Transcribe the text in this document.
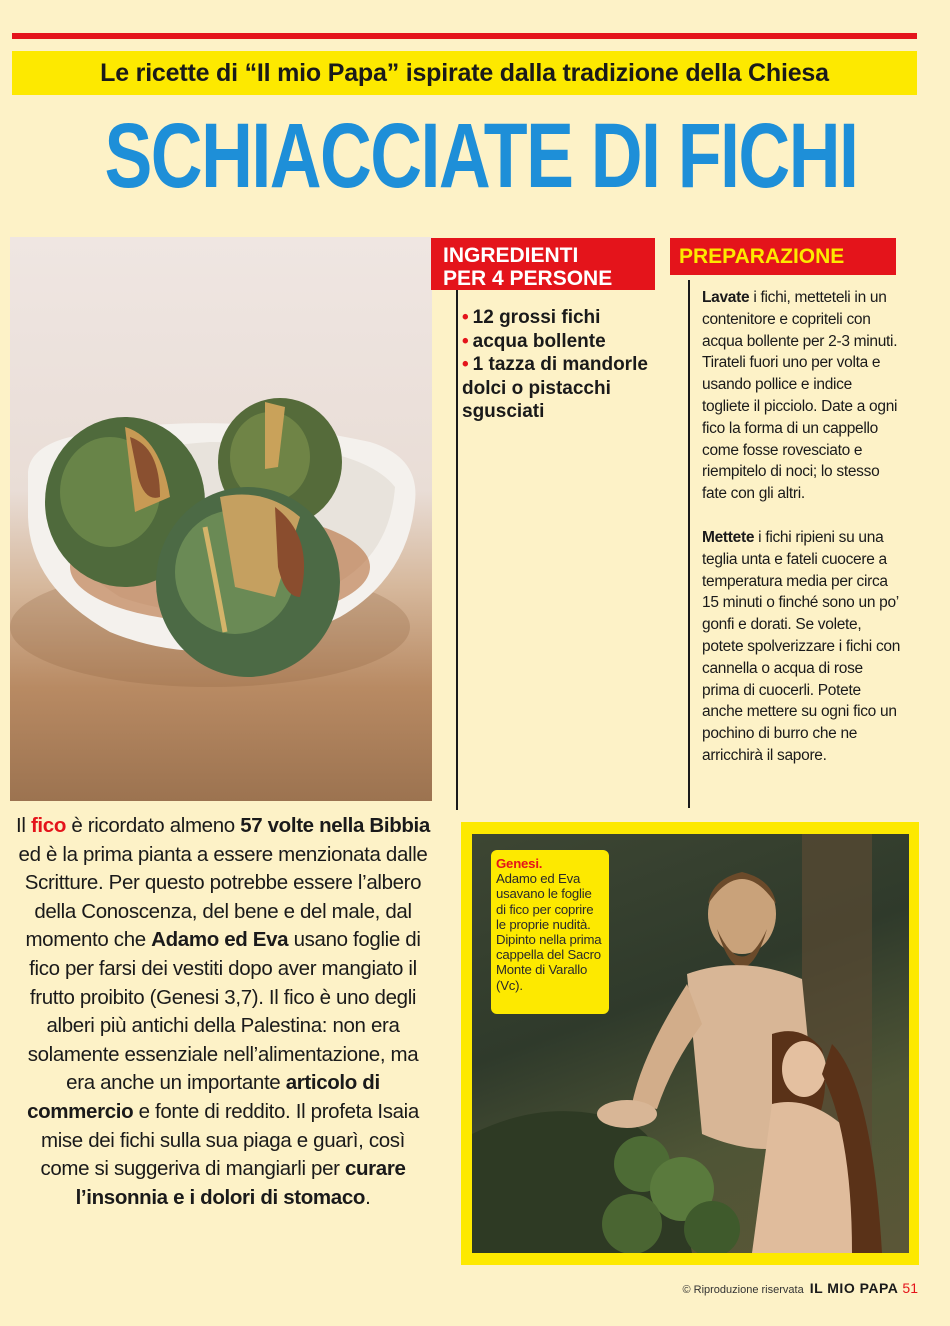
Le ricette di “Il mio Papa” ispirate dalla tradizione della Chiesa
SCHIACCIATE DI FICHI
INGREDIENTI
PER 4 PERSONE
• 12 grossi fichi
• acqua bollente
• 1 tazza di mandorle dolci o pistacchi sgusciati
PREPARAZIONE

Lavate i fichi, metteteli in un contenitore e copriteli con acqua bollente per 2-3 minuti. Tirateli fuori uno per volta e usando pollice e indice togliete il picciolo. Date a ogni fico la forma di un cappello come fosse rovesciato e riempitelo di noci; lo stesso fate con gli altri.

Mettete i fichi ripieni su una teglia unta e fateli cuocere a temperatura media per circa 15 minuti o finché sono un po’ gonfi e dorati. Se volete, potete spolverizzare i fichi con cannella o acqua di rose prima di cuocerli. Potete anche mettere su ogni fico un pochino di burro che ne arricchirà il sapore.

Il fico è ricordato almeno 57 volte nella Bibbia ed è la prima pianta a essere menzionata dalle Scritture. Per questo potrebbe essere l’albero della Conoscenza, del bene e del male, dal momento che Adamo ed Eva usano foglie di fico per farsi dei vestiti dopo aver mangiato il frutto proibito (Genesi 3,7). Il fico è uno degli alberi più antichi della Palestina: non era solamente essenziale nell’alimentazione, ma era anche un importante articolo di commercio e fonte di reddito. Il profeta Isaia mise dei fichi sulla sua piaga e guarì, così come si suggeriva di mangiarli per curare l’insonnia e i dolori di stomaco.
Genesi.
Adamo ed Eva usavano le foglie di fico per coprire le proprie nudità. Dipinto nella prima cappella del Sacro Monte di Varallo (Vc).
© Riproduzione riservata IL MIO PAPA 51
